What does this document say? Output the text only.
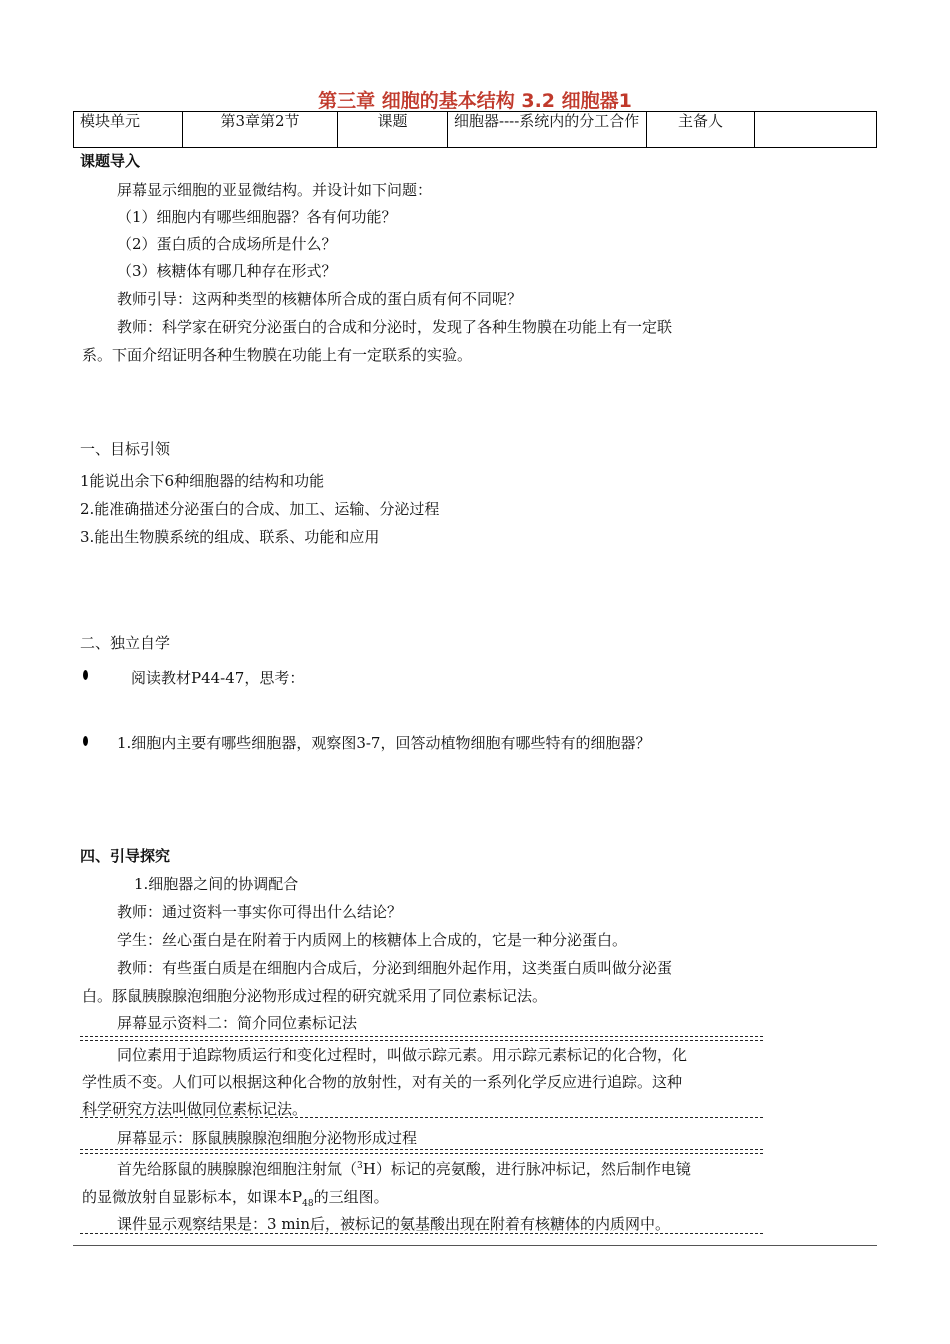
第三章 细胞的基本结构 3.2 细胞器1
模块单元	第3章第2节	课题	细胞器----系统内的分工合作	主备人	
课题导入
屏幕显示细胞的亚显微结构。并设计如下问题：
（1）细胞内有哪些细胞器？各有何功能？
（2）蛋白质的合成场所是什么？
（3）核糖体有哪几种存在形式？
教师引导：这两种类型的核糖体所合成的蛋白质有何不同呢？
教师：科学家在研究分泌蛋白的合成和分泌时，发现了各种生物膜在功能上有一定联
系。下面介绍证明各种生物膜在功能上有一定联系的实验。
一、目标引领
1能说出余下6种细胞器的结构和功能
2.能准确描述分泌蛋白的合成、加工、运输、分泌过程
3.能出生物膜系统的组成、联系、功能和应用
二、独立自学
阅读教材P44-47，思考：
1.细胞内主要有哪些细胞器，观察图3-7，回答动植物细胞有哪些特有的细胞器？
四、引导探究
1.细胞器之间的协调配合
教师：通过资料一事实你可得出什么结论？
学生：丝心蛋白是在附着于内质网上的核糖体上合成的，它是一种分泌蛋白。
教师：有些蛋白质是在细胞内合成后，分泌到细胞外起作用，这类蛋白质叫做分泌蛋
白。豚鼠胰腺腺泡细胞分泌物形成过程的研究就采用了同位素标记法。
屏幕显示资料二：简介同位素标记法
同位素用于追踪物质运行和变化过程时，叫做示踪元素。用示踪元素标记的化合物，化
学性质不变。人们可以根据这种化合物的放射性，对有关的一系列化学反应进行追踪。这种
科学研究方法叫做同位素标记法。
屏幕显示：豚鼠胰腺腺泡细胞分泌物形成过程
首先给豚鼠的胰腺腺泡细胞注射氚（$^3$H）标记的亮氨酸，进行脉冲标记，然后制作电镜
的显微放射自显影标本，如课本$P_{48}$的三组图。
课件显示观察结果是：3 min后，被标记的氨基酸出现在附着有核糖体的内质网中。
